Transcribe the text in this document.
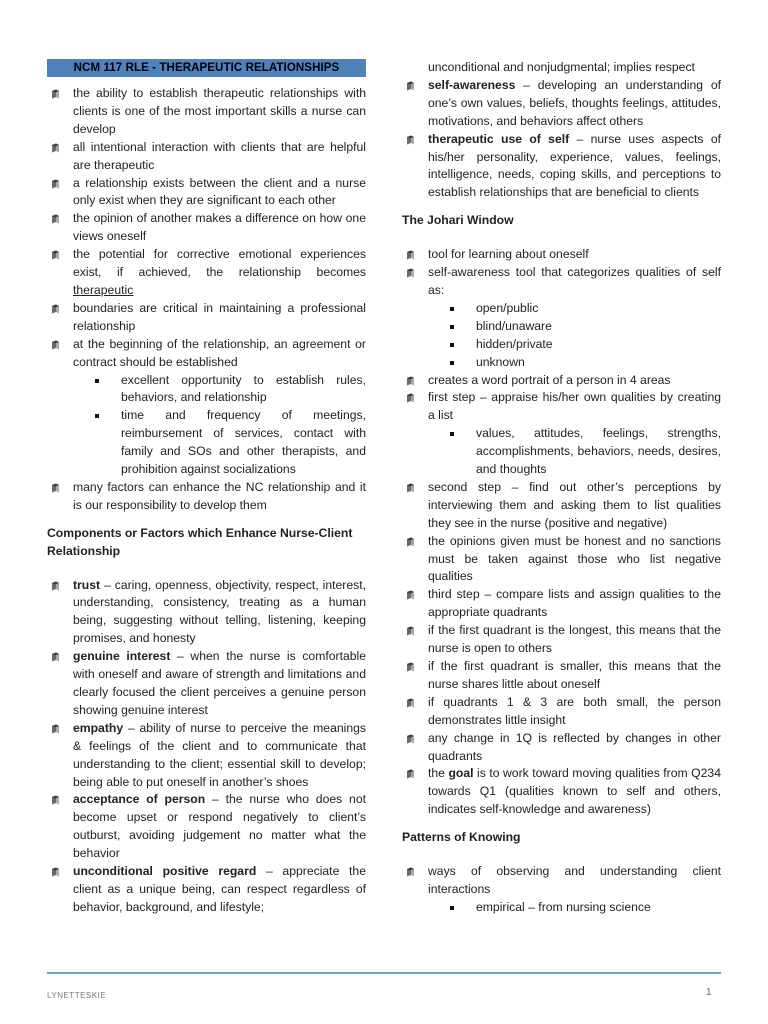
NCM 117 RLE - THERAPEUTIC RELATIONSHIPS
the ability to establish therapeutic relationships with clients is one of the most important skills a nurse can develop
all intentional interaction with clients that are helpful are therapeutic
a relationship exists between the client and a nurse only exist when they are significant to each other
the opinion of another makes a difference on how one views oneself
the potential for corrective emotional experiences exist, if achieved, the relationship becomes therapeutic
boundaries are critical in maintaining a professional relationship
at the beginning of the relationship, an agreement or contract should be established
excellent opportunity to establish rules, behaviors, and relationship
time and frequency of meetings, reimbursement of services, contact with family and SOs and other therapists, and prohibition against socializations
many factors can enhance the NC relationship and it is our responsibility to develop them
Components or Factors which Enhance Nurse-Client Relationship
trust – caring, openness, objectivity, respect, interest, understanding, consistency, treating as a human being, suggesting without telling, listening, keeping promises, and honesty
genuine interest – when the nurse is comfortable with oneself and aware of strength and limitations and clearly focused the client perceives a genuine person showing genuine interest
empathy – ability of nurse to perceive the meanings & feelings of the client and to communicate that understanding to the client; essential skill to develop; being able to put oneself in another’s shoes
acceptance of person – the nurse who does not become upset or respond negatively to client’s outburst, avoiding judgement no matter what the behavior
unconditional positive regard – appreciate the client as a unique being, can respect regardless of behavior, background, and lifestyle;
unconditional and nonjudgmental; implies respect
self-awareness – developing an understanding of one’s own values, beliefs, thoughts feelings, attitudes, motivations, and behaviors affect others
therapeutic use of self – nurse uses aspects of his/her personality, experience, values, feelings, intelligence, needs, coping skills, and perceptions to establish relationships that are beneficial to clients
The Johari Window
tool for learning about oneself
self-awareness tool that categorizes qualities of self as:
open/public
blind/unaware
hidden/private
unknown
creates a word portrait of a person in 4 areas
first step – appraise his/her own qualities by creating a list
values, attitudes, feelings, strengths, accomplishments, behaviors, needs, desires, and thoughts
second step – find out other’s perceptions by interviewing them and asking them to list qualities they see in the nurse (positive and negative)
the opinions given must be honest and no sanctions must be taken against those who list negative qualities
third step – compare lists and assign qualities to the appropriate quadrants
if the first quadrant is the longest, this means that the nurse is open to others
if the first quadrant is smaller, this means that the nurse shares little about oneself
if quadrants 1 & 3 are both small, the person demonstrates little insight
any change in 1Q is reflected by changes in other quadrants
the goal is to work toward moving qualities from Q234 towards Q1 (qualities known to self and others, indicates self-knowledge and awareness)
Patterns of Knowing
ways of observing and understanding client interactions
empirical – from nursing science
LYNETTESKIE	1
